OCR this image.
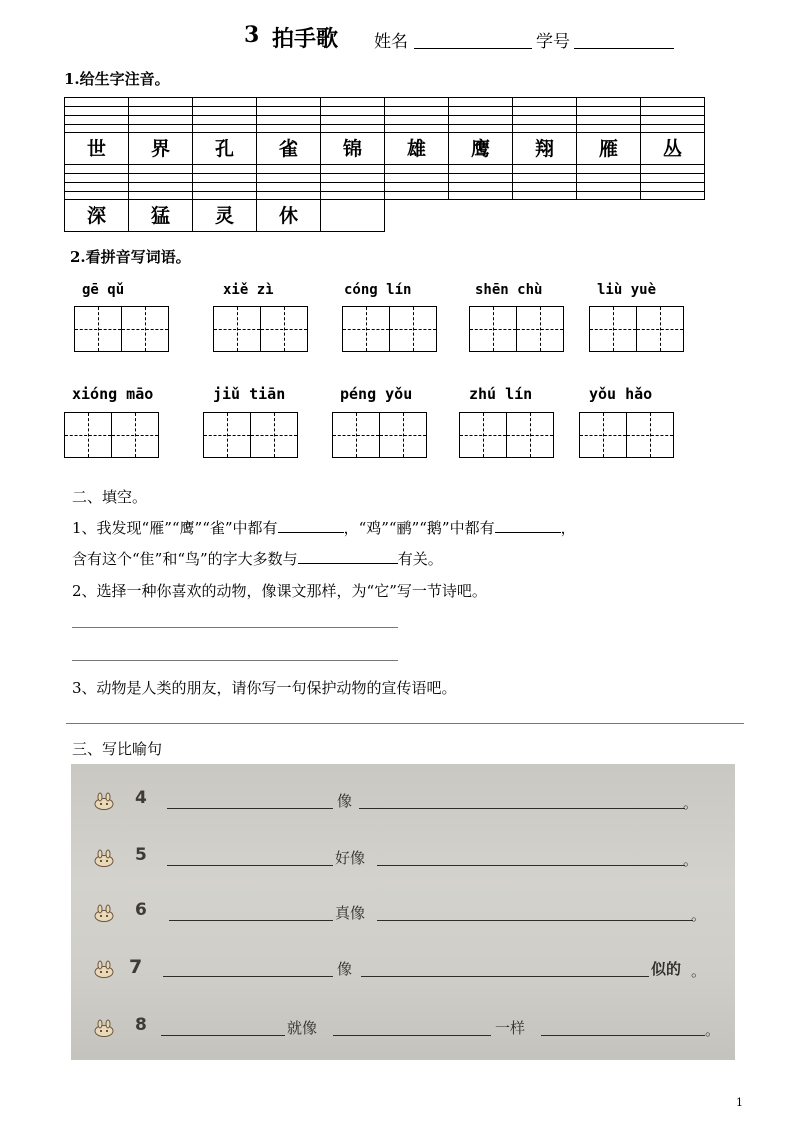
3 拍手歌 姓名	学号
1.给生字注音。
世	界	孔	雀	锦	雄	鹰	翔	雁	丛
深	猛	灵	休
2.看拼音写词语。
gē qǔ	xiě zì	cóng lín	shēn chù	liù yuè
xióng māo	jiǔ tiān	péng yǒu	zhú lín	yǒu hǎo
二、填空。
1、我发现“雁”“鹰”“雀”中都有	，“鸡”“鹂”“鹅”中都有	，
含有这个“隹”和“鸟”的字大多数与	有关。
2、选择一种你喜欢的动物，像课文那样，为“它”写一节诗吧。
3、动物是人类的朋友，请你写一句保护动物的宣传语吧。
三、写比喻句
4	像	。
5	好像	。
6	真像	。
7	像	似的 。
8	就像	一样	。
1
